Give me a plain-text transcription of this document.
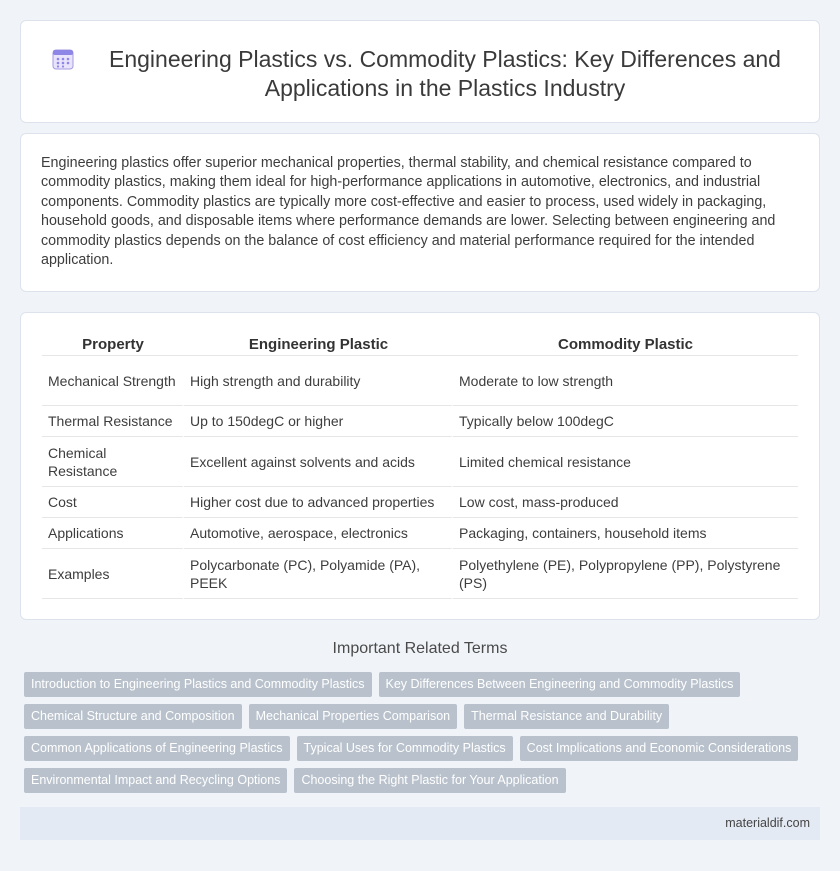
Engineering Plastics vs. Commodity Plastics: Key Differences and Applications in the Plastics Industry

Engineering plastics offer superior mechanical properties, thermal stability, and chemical resistance compared to commodity plastics, making them ideal for high-performance applications in automotive, electronics, and industrial components. Commodity plastics are typically more cost-effective and easier to process, used widely in packaging, household goods, and disposable items where performance demands are lower. Selecting between engineering and commodity plastics depends on the balance of cost efficiency and material performance required for the intended application.

Property	Engineering Plastic	Commodity Plastic
Mechanical Strength	High strength and durability	Moderate to low strength
Thermal Resistance	Up to 150degC or higher	Typically below 100degC
Chemical Resistance	Excellent against solvents and acids	Limited chemical resistance
Cost	Higher cost due to advanced properties	Low cost, mass-produced
Applications	Automotive, aerospace, electronics	Packaging, containers, household items
Examples	Polycarbonate (PC), Polyamide (PA), PEEK	Polyethylene (PE), Polypropylene (PP), Polystyrene (PS)
Important Related Terms
Introduction to Engineering Plastics and Commodity Plastics	Key Differences Between Engineering and Commodity Plastics
Chemical Structure and Composition	Mechanical Properties Comparison	Thermal Resistance and Durability
Common Applications of Engineering Plastics	Typical Uses for Commodity Plastics	Cost Implications and Economic Considerations
Environmental Impact and Recycling Options	Choosing the Right Plastic for Your Application
materialdif.com
